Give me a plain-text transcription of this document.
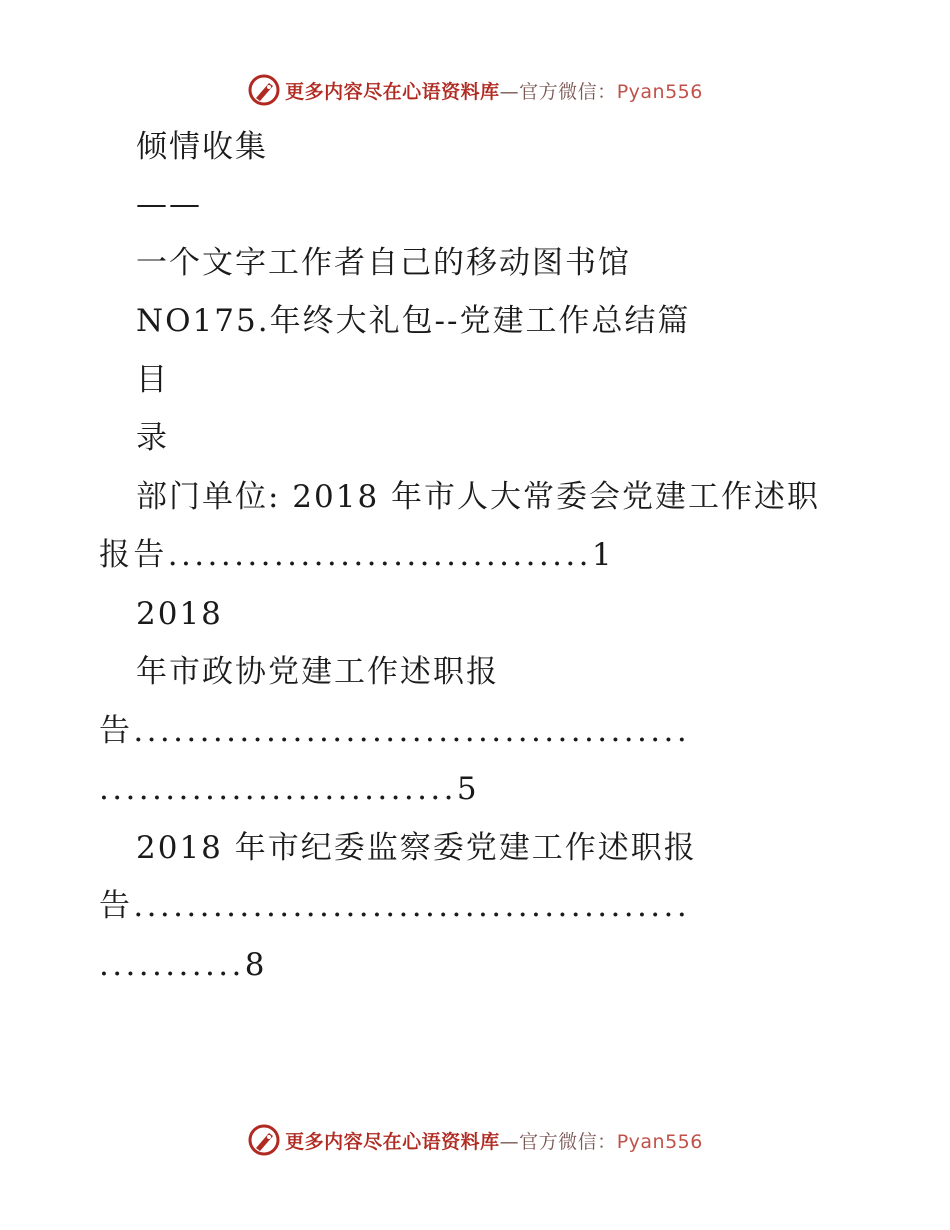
更多内容尽在心语资料库—官方微信：Pyan556
倾情收集
——
一个文字工作者自己的移动图书馆
NO175.年终大礼包--党建工作总结篇
目
录
部门单位: 2018 年市人大常委会党建工作述职
报告................................1
2018
年市政协党建工作述职报
告..........................................
...........................5
2018 年市纪委监察委党建工作述职报
告..........................................
...........8
更多内容尽在心语资料库—官方微信：Pyan556
